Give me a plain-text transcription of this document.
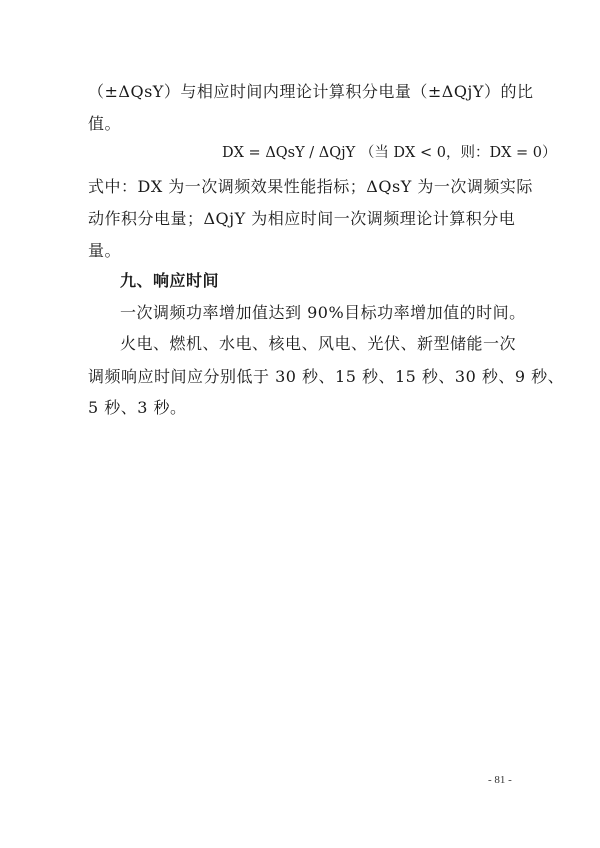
（±ΔQsY）与相应时间内理论计算积分电量（±ΔQjY）的比
值。
DX = ΔQsY / ΔQjY （当 DX < 0，则：DX = 0）
式中：DX 为一次调频效果性能指标；ΔQsY 为一次调频实际
动作积分电量；ΔQjY 为相应时间一次调频理论计算积分电
量。
九、响应时间
一次调频功率增加值达到 90%目标功率增加值的时间。
火电、燃机、水电、核电、风电、光伏、新型储能一次
调频响应时间应分别低于 30 秒、15 秒、15 秒、30 秒、9 秒、
5 秒、3 秒。
- 81 -
